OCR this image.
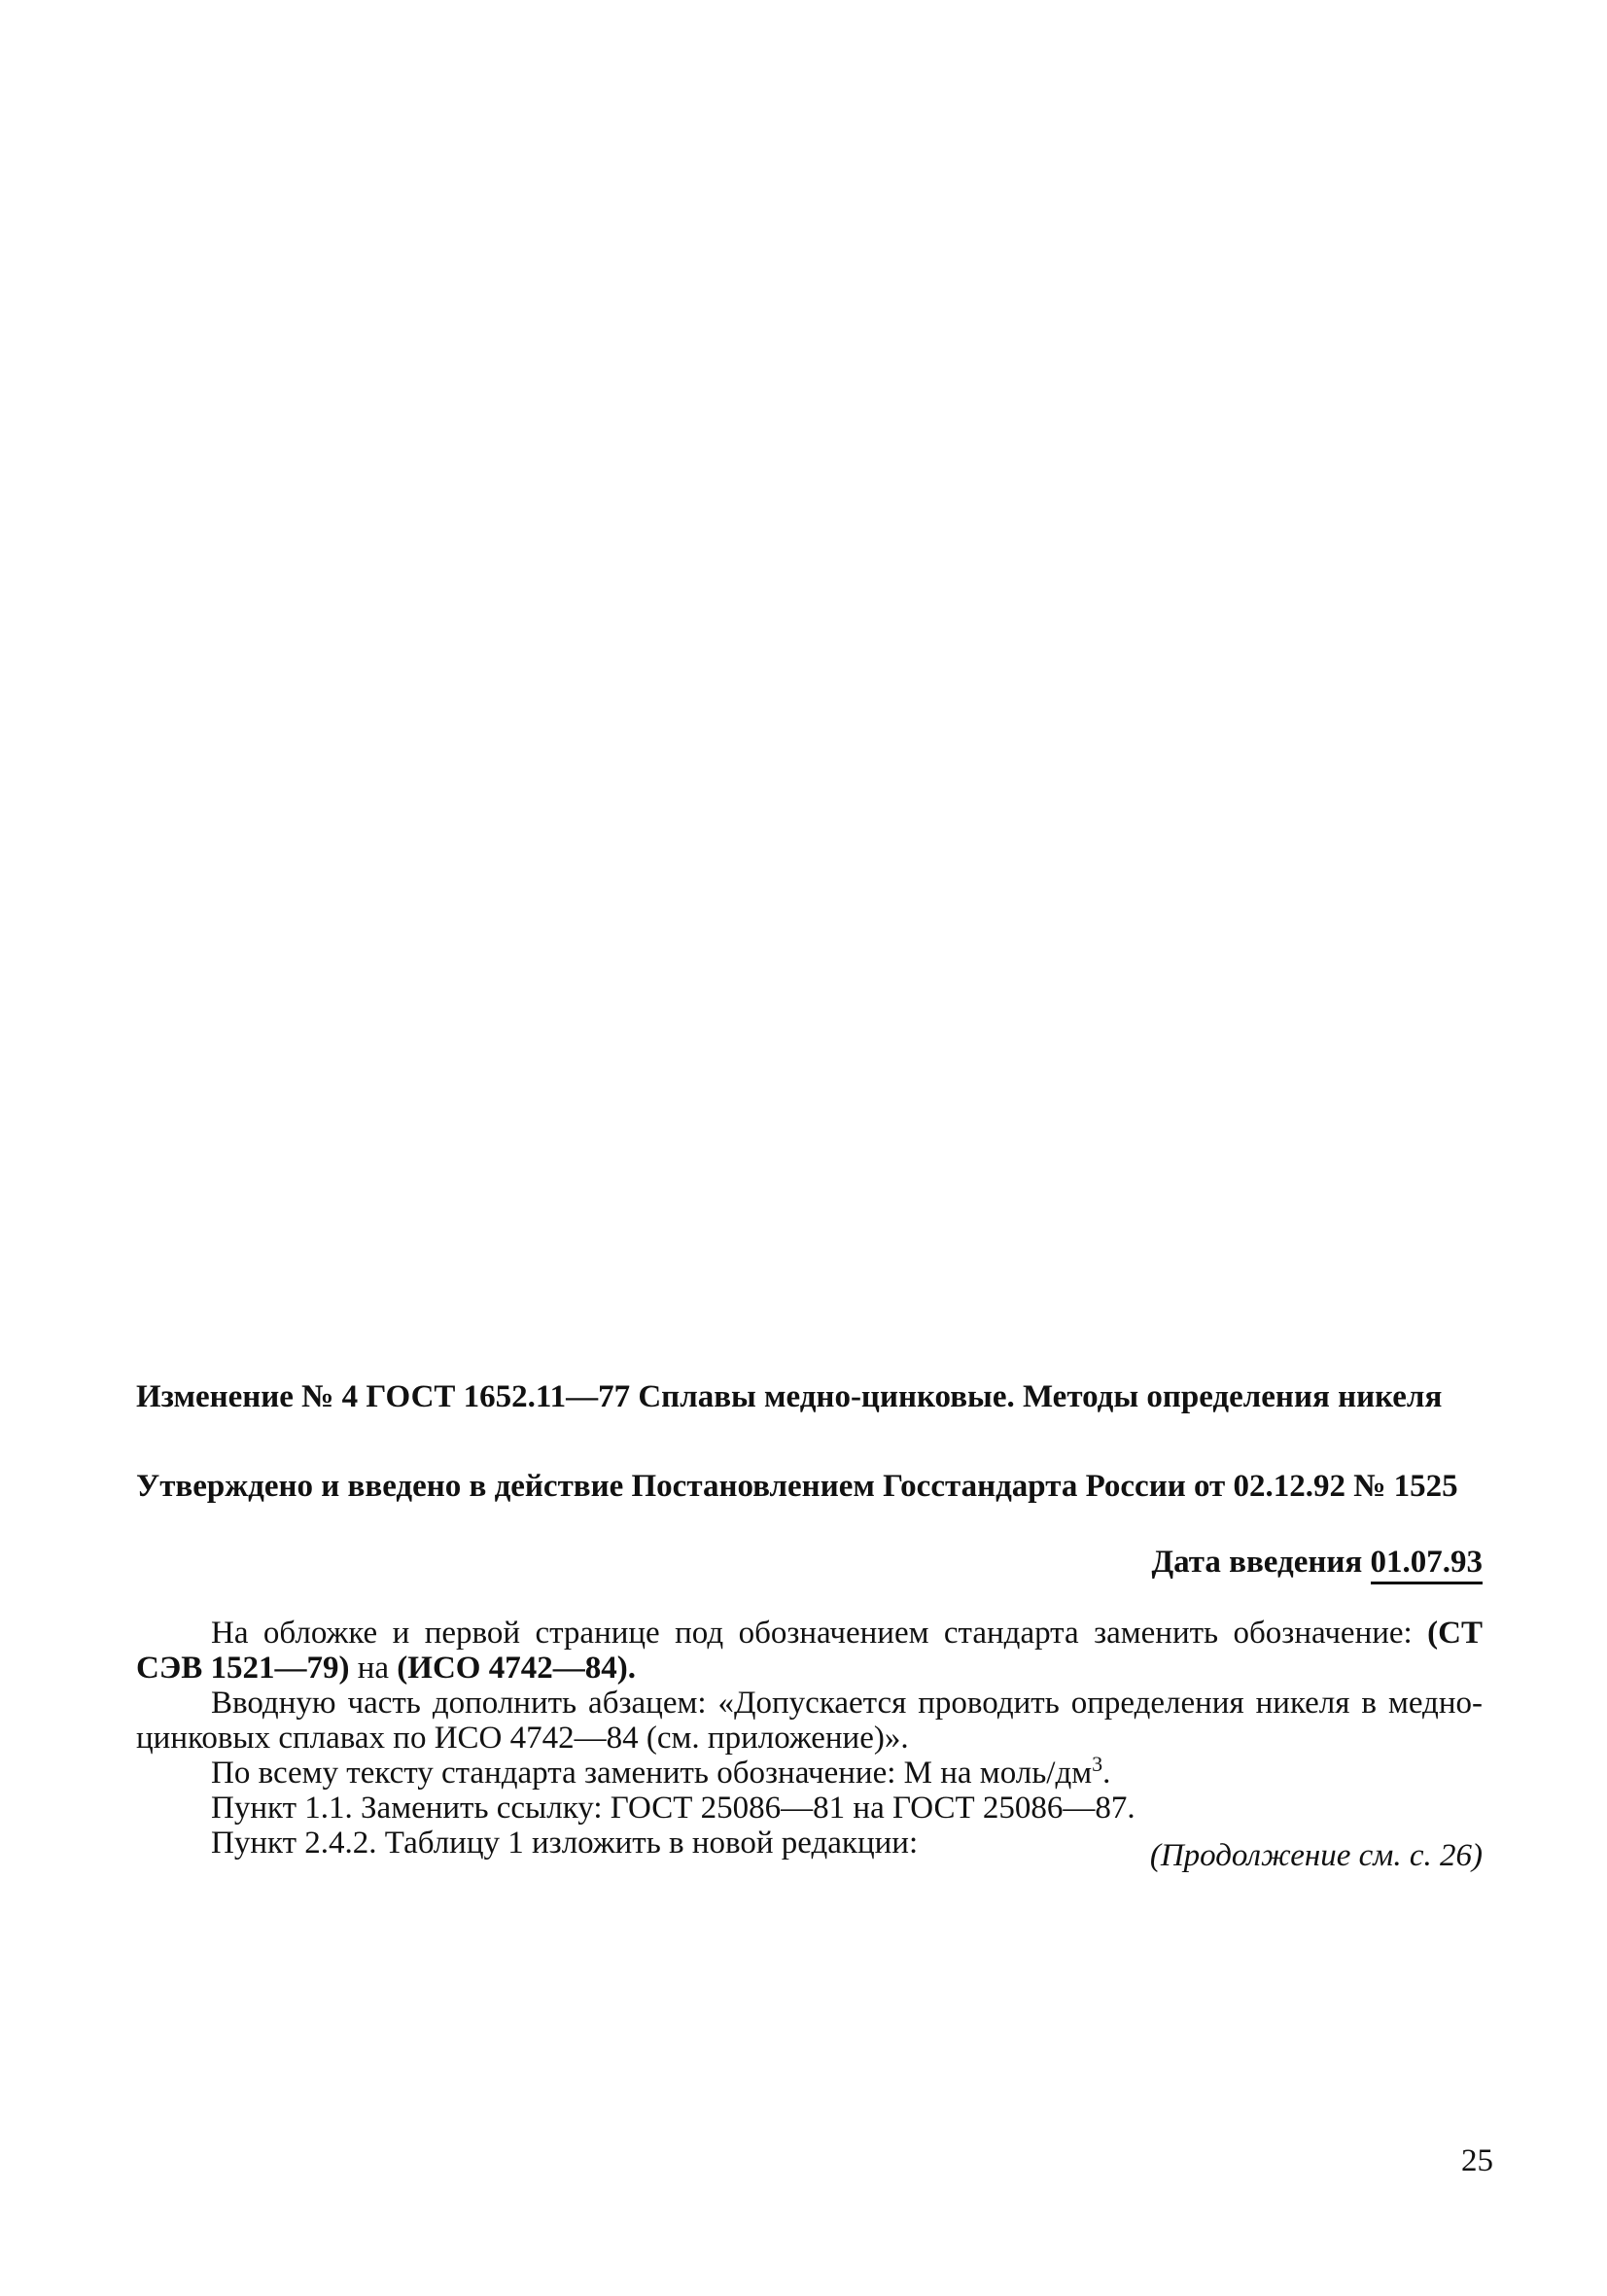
Изменение № 4 ГОСТ 1652.11—77 Сплавы медно-цинковые. Методы определения никеля
Утверждено и введено в действие Постановлением Госстандарта России от 02.12.92 № 1525
Дата введения 01.07.93

На обложке и первой странице под обозначением стандарта заменить обозначение: (СТ СЭВ 1521—79) на (ИСО 4742—84).

Вводную часть дополнить абзацем: «Допускается проводить определения никеля в медно-цинковых сплавах по ИСО 4742—84 (см. приложение)».

По всему тексту стандарта заменить обозначение: М на моль/$дм^3$.

Пункт 1.1. Заменить ссылку: ГОСТ 25086—81 на ГОСТ 25086—87.

Пункт 2.4.2. Таблицу 1 изложить в новой редакции:	(Продолжение см. с. 26)
25
